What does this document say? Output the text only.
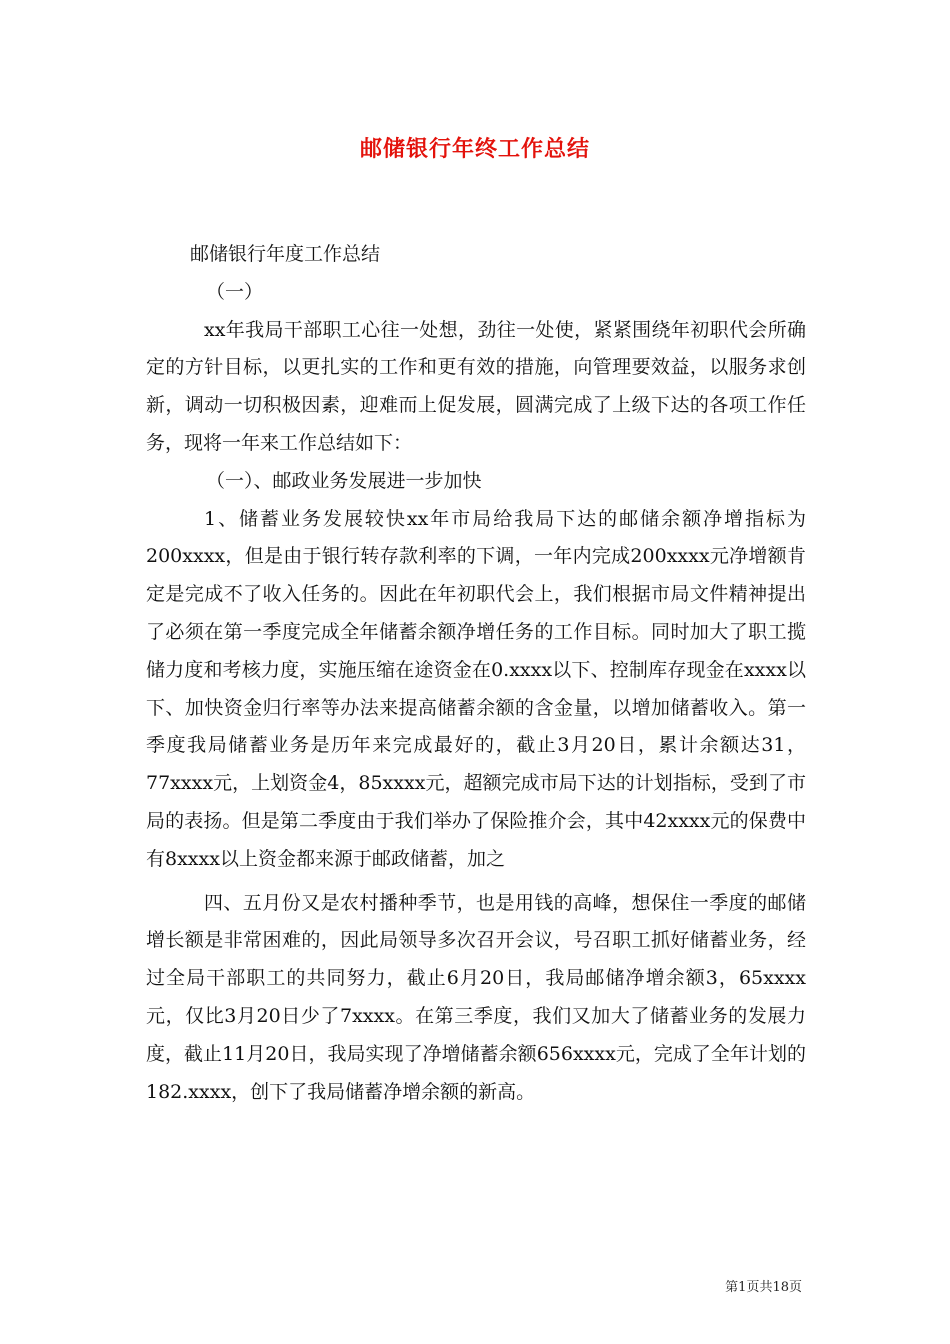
邮储银行年终工作总结

邮储银行年度工作总结

（一）

xx年我局干部职工心往一处想，劲往一处使，紧紧围绕年初职代会所确定的方针目标，以更扎实的工作和更有效的措施，向管理要效益，以服务求创新，调动一切积极因素，迎难而上促发展，圆满完成了上级下达的各项工作任务，现将一年来工作总结如下：

（一）、邮政业务发展进一步加快

1、储蓄业务发展较快xx年市局给我局下达的邮储余额净增指标为200xxxx，但是由于银行转存款利率的下调，一年内完成200xxxx元净增额肯定是完成不了收入任务的。因此在年初职代会上，我们根据市局文件精神提出了必须在第一季度完成全年储蓄余额净增任务的工作目标。同时加大了职工揽储力度和考核力度，实施压缩在途资金在0.xxxx以下、控制库存现金在xxxx以下、加快资金归行率等办法来提高储蓄余额的含金量，以增加储蓄收入。第一季度我局储蓄业务是历年来完成最好的，截止3月20日，累计余额达31，77xxxx元，上划资金4，85xxxx元，超额完成市局下达的计划指标，受到了市局的表扬。但是第二季度由于我们举办了保险推介会，其中42xxxx元的保费中有8xxxx以上资金都来源于邮政储蓄，加之

四、五月份又是农村播种季节，也是用钱的高峰，想保住一季度的邮储增长额是非常困难的，因此局领导多次召开会议，号召职工抓好储蓄业务，经过全局干部职工的共同努力，截止6月20日，我局邮储净增余额3，65xxxx元，仅比3月20日少了7xxxx。在第三季度，我们又加大了储蓄业务的发展力度，截止11月20日，我局实现了净增储蓄余额656xxxx元，完成了全年计划的182.xxxx，创下了我局储蓄净增余额的新高。

第1页共18页
